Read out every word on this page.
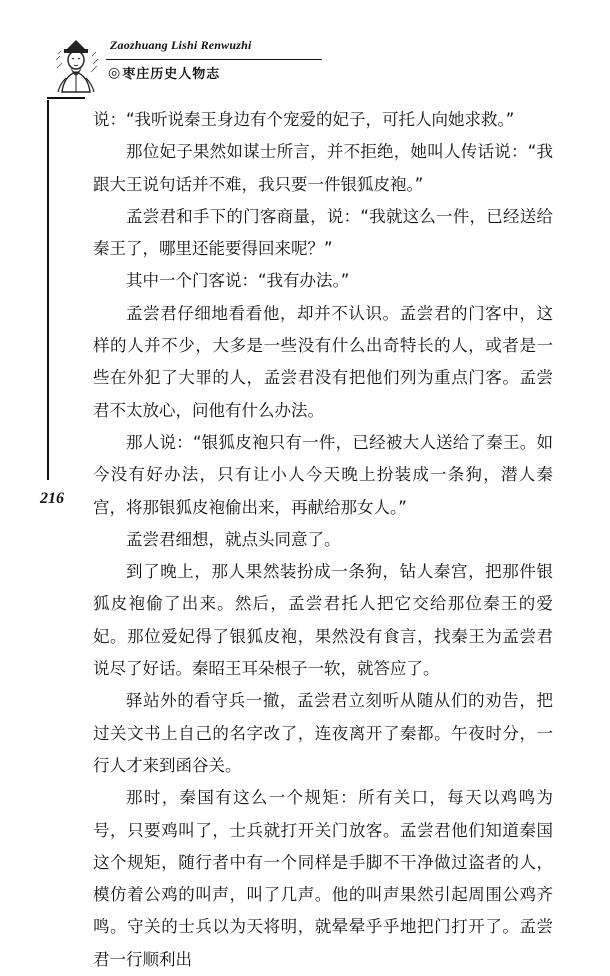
Zaozhuang Lishi Renwuzhi
◎ 枣庄历史人物志
216

说：“我听说秦王身边有个宠爱的妃子，可托人向她求救。”

那位妃子果然如谋士所言，并不拒绝，她叫人传话说：“我跟大王说句话并不难，我只要一件银狐皮袍。”

孟尝君和手下的门客商量，说：“我就这么一件，已经送给秦王了，哪里还能要得回来呢？”

其中一个门客说：“我有办法。”

孟尝君仔细地看看他，却并不认识。孟尝君的门客中，这样的人并不少，大多是一些没有什么出奇特长的人，或者是一些在外犯了大罪的人，孟尝君没有把他们列为重点门客。孟尝君不太放心，问他有什么办法。

那人说：“银狐皮袍只有一件，已经被大人送给了秦王。如今没有好办法，只有让小人今天晚上扮装成一条狗，潜人秦宫，将那银狐皮袍偷出来，再献给那女人。”

孟尝君细想，就点头同意了。

到了晚上，那人果然装扮成一条狗，钻人秦宫，把那件银狐皮袍偷了出来。然后，孟尝君托人把它交给那位秦王的爱妃。那位爱妃得了银狐皮袍，果然没有食言，找秦王为孟尝君说尽了好话。秦昭王耳朵根子一软，就答应了。

驿站外的看守兵一撤，孟尝君立刻听从随从们的劝告，把过关文书上自己的名字改了，连夜离开了秦都。午夜时分，一行人才来到函谷关。

那时，秦国有这么一个规矩：所有关口，每天以鸡鸣为号，只要鸡叫了，士兵就打开关门放客。孟尝君他们知道秦国这个规矩，随行者中有一个同样是手脚不干净做过盗者的人，模仿着公鸡的叫声，叫了几声。他的叫声果然引起周围公鸡齐鸣。守关的士兵以为天将明，就晕晕乎乎地把门打开了。孟尝君一行顺利出
